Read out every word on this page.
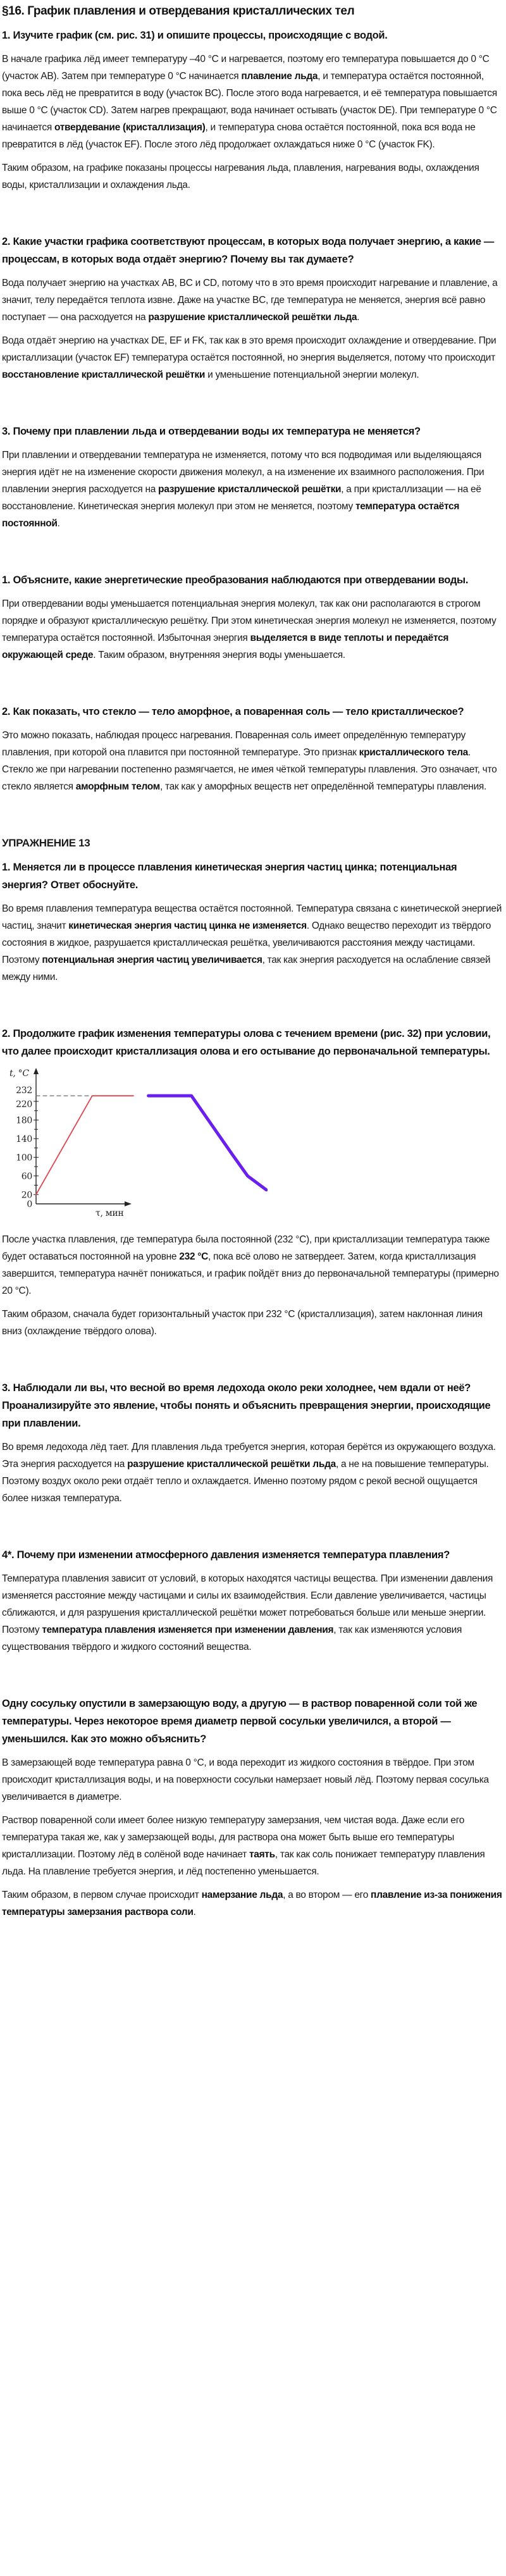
§16. График плавления и отвердевания кристаллических тел
1. Изучите график (см. рис. 31) и опишите процессы, происходящие с водой.
В начале графика лёд имеет температуру –40 °C и нагревается, поэтому его температура повышается до 0 °C (участок AB). Затем при температуре 0 °C начинается плавление льда, и температура остаётся постоянной, пока весь лёд не превратится в воду (участок BC). После этого вода нагревается, и её температура повышается выше 0 °C (участок CD). Затем нагрев прекращают, вода начинает остывать (участок DE). При температуре 0 °C начинается отвердевание (кристаллизация), и температура снова остаётся постоянной, пока вся вода не превратится в лёд (участок EF). После этого лёд продолжает охлаждаться ниже 0 °C (участок FK).
Таким образом, на графике показаны процессы нагревания льда, плавления, нагревания воды, охлаждения воды, кристаллизации и охлаждения льда.
2. Какие участки графика соответствуют процессам, в которых вода получает энергию, а какие — процессам, в которых вода отдаёт энергию? Почему вы так думаете?
Вода получает энергию на участках AB, BC и CD, потому что в это время происходит нагревание и плавление, а значит, телу передаётся теплота извне. Даже на участке BC, где температура не меняется, энергия всё равно поступает — она расходуется на разрушение кристаллической решётки льда.
Вода отдаёт энергию на участках DE, EF и FK, так как в это время происходит охлаждение и отвердевание. При кристаллизации (участок EF) температура остаётся постоянной, но энергия выделяется, потому что происходит восстановление кристаллической решётки и уменьшение потенциальной энергии молекул.
3. Почему при плавлении льда и отвердевании воды их температура не меняется?
При плавлении и отвердевании температура не изменяется, потому что вся подводимая или выделяющаяся энергия идёт не на изменение скорости движения молекул, а на изменение их взаимного расположения. При плавлении энергия расходуется на разрушение кристаллической решётки, а при кристаллизации — на её восстановление. Кинетическая энергия молекул при этом не меняется, поэтому температура остаётся постоянной.
1. Объясните, какие энергетические преобразования наблюдаются при отвердевании воды.
При отвердевании воды уменьшается потенциальная энергия молекул, так как они располагаются в строгом порядке и образуют кристаллическую решётку. При этом кинетическая энергия молекул не изменяется, поэтому температура остаётся постоянной. Избыточная энергия выделяется в виде теплоты и передаётся окружающей среде. Таким образом, внутренняя энергия воды уменьшается.
2. Как показать, что стекло — тело аморфное, а поваренная соль — тело кристаллическое?
Это можно показать, наблюдая процесс нагревания. Поваренная соль имеет определённую температуру плавления, при которой она плавится при постоянной температуре. Это признак кристаллического тела. Стекло же при нагревании постепенно размягчается, не имея чёткой температуры плавления. Это означает, что стекло является аморфным телом, так как у аморфных веществ нет определённой температуры плавления.
УПРАЖНЕНИЕ 13
1. Меняется ли в процессе плавления кинетическая энергия частиц цинка; потенциальная энергия? Ответ обоснуйте.
Во время плавления температура вещества остаётся постоянной. Температура связана с кинетической энергией частиц, значит кинетическая энергия частиц цинка не изменяется. Однако вещество переходит из твёрдого состояния в жидкое, разрушается кристаллическая решётка, увеличиваются расстояния между частицами. Поэтому потенциальная энергия частиц увеличивается, так как энергия расходуется на ослабление связей между ними.
2. Продолжите график изменения температуры олова с течением времени (рис. 32) при условии, что далее происходит кристаллизация олова и его остывание до первоначальной температуры.
0
20
60
100
140
180
220
232
t, °C
τ, мин
После участка плавления, где температура была постоянной (232 °C), при кристаллизации температура также будет оставаться постоянной на уровне 232 °C, пока всё олово не затвердеет. Затем, когда кристаллизация завершится, температура начнёт понижаться, и график пойдёт вниз до первоначальной температуры (примерно 20 °C).
Таким образом, сначала будет горизонтальный участок при 232 °C (кристаллизация), затем наклонная линия вниз (охлаждение твёрдого олова).
3. Наблюдали ли вы, что весной во время ледохода около реки холоднее, чем вдали от неё? Проанализируйте это явление, чтобы понять и объяснить превращения энергии, происходящие при плавлении.
Во время ледохода лёд тает. Для плавления льда требуется энергия, которая берётся из окружающего воздуха. Эта энергия расходуется на разрушение кристаллической решётки льда, а не на повышение температуры. Поэтому воздух около реки отдаёт тепло и охлаждается. Именно поэтому рядом с рекой весной ощущается более низкая температура.
4*. Почему при изменении атмосферного давления изменяется температура плавления?
Температура плавления зависит от условий, в которых находятся частицы вещества. При изменении давления изменяется расстояние между частицами и силы их взаимодействия. Если давление увеличивается, частицы сближаются, и для разрушения кристаллической решётки может потребоваться больше или меньше энергии. Поэтому температура плавления изменяется при изменении давления, так как изменяются условия существования твёрдого и жидкого состояний вещества.
Одну сосульку опустили в замерзающую воду, а другую — в раствор поваренной соли той же температуры. Через некоторое время диаметр первой сосульки увеличился, а второй — уменьшился. Как это можно объяснить?
В замерзающей воде температура равна 0 °C, и вода переходит из жидкого состояния в твёрдое. При этом происходит кристаллизация воды, и на поверхности сосульки намерзает новый лёд. Поэтому первая сосулька увеличивается в диаметре.
Раствор поваренной соли имеет более низкую температуру замерзания, чем чистая вода. Даже если его температура такая же, как у замерзающей воды, для раствора она может быть выше его температуры кристаллизации. Поэтому лёд в солёной воде начинает таять, так как соль понижает температуру плавления льда. На плавление требуется энергия, и лёд постепенно уменьшается.
Таким образом, в первом случае происходит намерзание льда, а во втором — его плавление из-за понижения температуры замерзания раствора соли.
